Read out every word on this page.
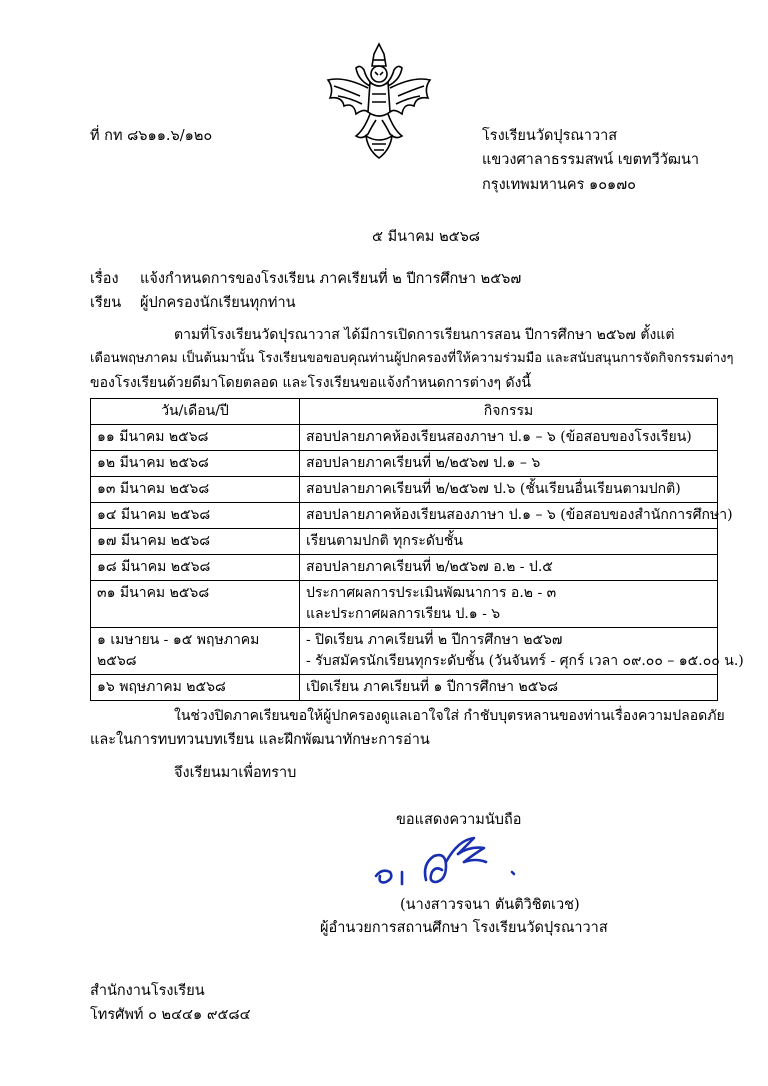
ที่ กท ๘๖๑๑.๖/๑๒๐	โรงเรียนวัดปุรณาวาส
แขวงศาลาธรรมสพน์ เขตทวีวัฒนา
กรุงเทพมหานคร ๑๐๑๗๐
๕ มีนาคม ๒๕๖๘
เรื่อง แจ้งกำหนดการของโรงเรียน ภาคเรียนที่ ๒ ปีการศึกษา ๒๕๖๗
เรียน ผู้ปกครองนักเรียนทุกท่าน
ตามที่โรงเรียนวัดปุรณาวาส ได้มีการเปิดการเรียนการสอน ปีการศึกษา ๒๕๖๗ ตั้งแต่
เดือนพฤษภาคม เป็นต้นมานั้น โรงเรียนขอขอบคุณท่านผู้ปกครองที่ให้ความร่วมมือ และสนับสนุนการจัดกิจกรรมต่างๆ
ของโรงเรียนด้วยดีมาโดยตลอด และโรงเรียนขอแจ้งกำหนดการต่างๆ ดังนี้
วัน/เดือน/ปี	กิจกรรม
๑๑ มีนาคม ๒๕๖๘	สอบปลายภาคห้องเรียนสองภาษา ป.๑ – ๖ (ข้อสอบของโรงเรียน)

๑๒ มีนาคม ๒๕๖๘	สอบปลายภาคเรียนที่ ๒/๒๕๖๗ ป.๑ – ๖

๑๓ มีนาคม ๒๕๖๘	สอบปลายภาคเรียนที่ ๒/๒๕๖๗ ป.๖ (ชั้นเรียนอื่นเรียนตามปกติ)

๑๔ มีนาคม ๒๕๖๘	สอบปลายภาคห้องเรียนสองภาษา ป.๑ – ๖ (ข้อสอบของสำนักการศึกษา)

๑๗ มีนาคม ๒๕๖๘	เรียนตามปกติ ทุกระดับชั้น

๑๘ มีนาคม ๒๕๖๘	สอบปลายภาคเรียนที่ ๒/๒๕๖๗ อ.๒ - ป.๕

๓๑ มีนาคม ๒๕๖๘	ประกาศผลการประเมินพัฒนาการ อ.๒ - ๓
และประกาศผลการเรียน ป.๑ - ๖

๑ เมษายน - ๑๕ พฤษภาคม ๒๕๖๘	- ปิดเรียน ภาคเรียนที่ ๒ ปีการศึกษา ๒๕๖๗
- รับสมัครนักเรียนทุกระดับชั้น (วันจันทร์ - ศุกร์ เวลา ๐๙.๐๐ – ๑๕.๐๐ น.)

๑๖ พฤษภาคม ๒๕๖๘	เปิดเรียน ภาคเรียนที่ ๑ ปีการศึกษา ๒๕๖๘
ในช่วงปิดภาคเรียนขอให้ผู้ปกครองดูแลเอาใจใส่ กำชับบุตรหลานของท่านเรื่องความปลอดภัย
และในการทบทวนบทเรียน และฝึกพัฒนาทักษะการอ่าน
จึงเรียนมาเพื่อทราบ
ขอแสดงความนับถือ
(นางสาวรจนา ตันติวิชิตเวช)
ผู้อำนวยการสถานศึกษา โรงเรียนวัดปุรณาวาส
สำนักงานโรงเรียน
โทรศัพท์ ๐ ๒๔๔๑ ๙๕๘๔
